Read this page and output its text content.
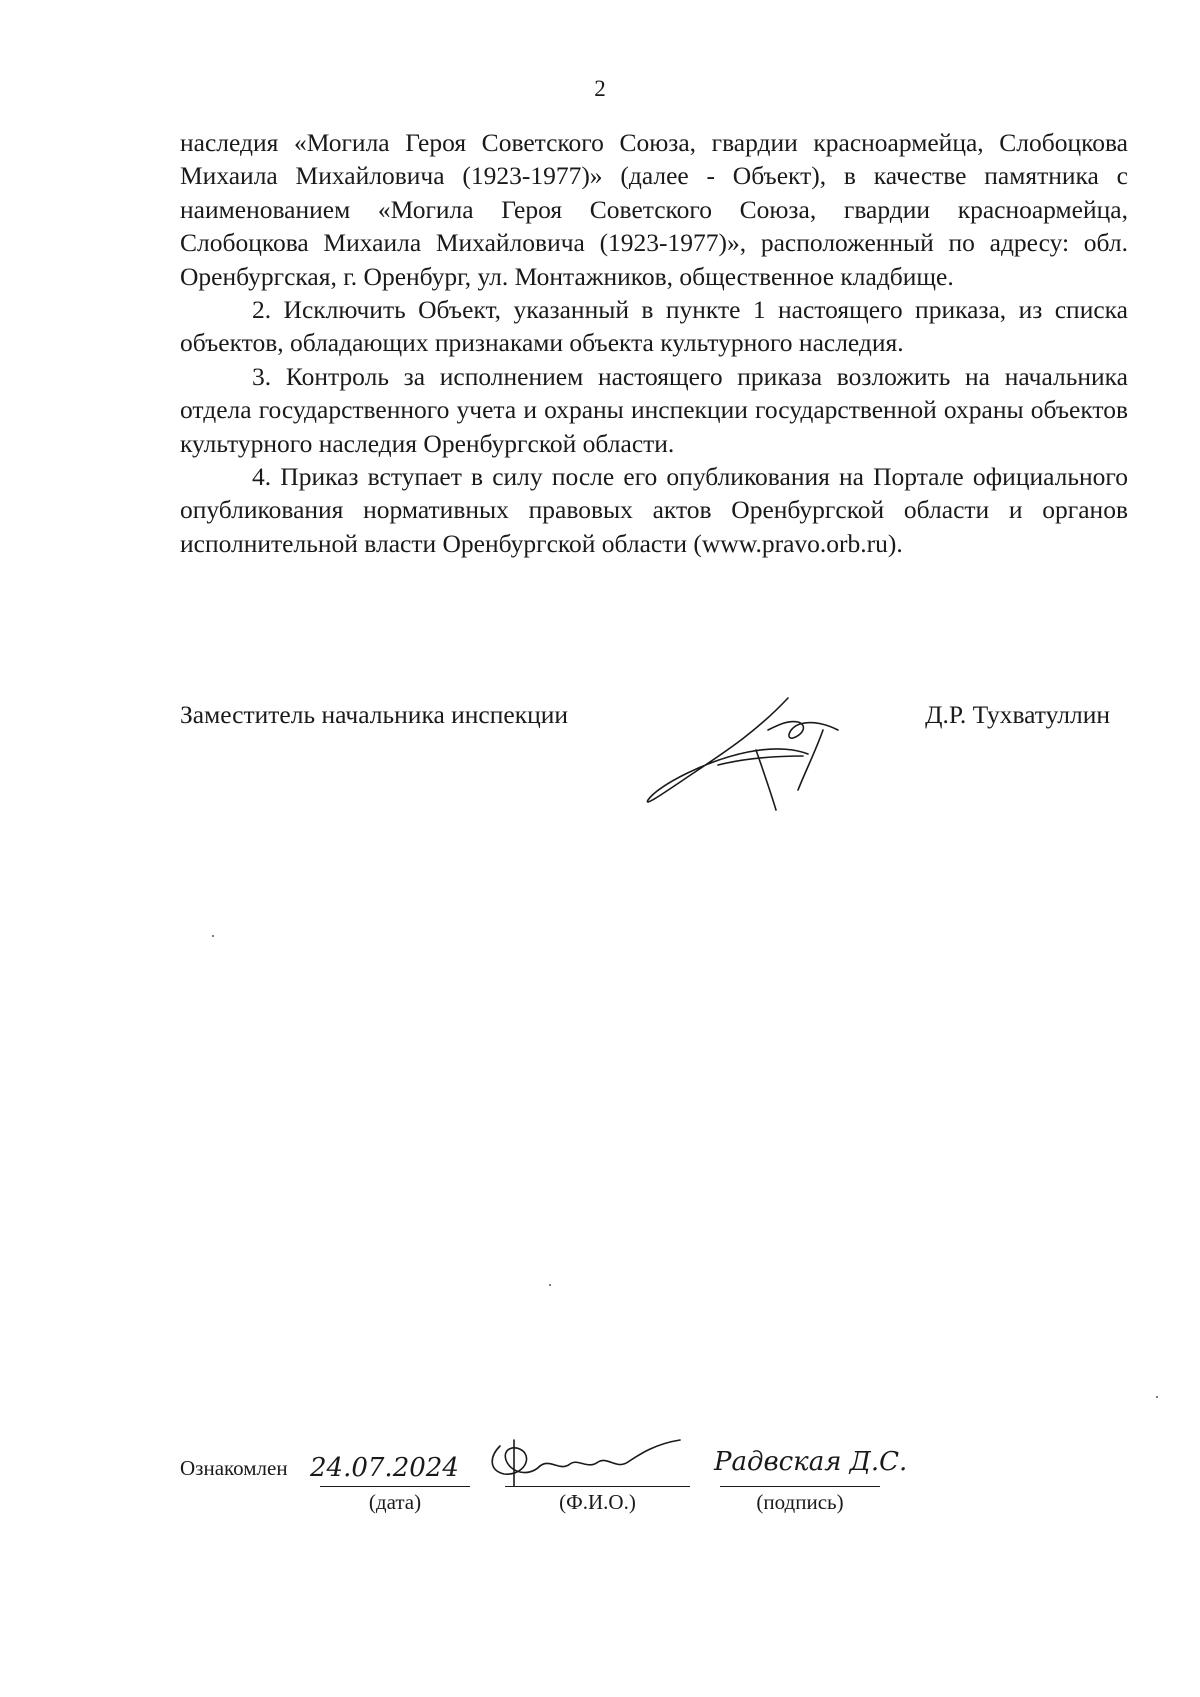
2

наследия «Могила Героя Советского Союза, гвардии красноармейца, Слобоцкова Михаила Михайловича (1923-1977)» (далее - Объект), в качестве памятника с наименованием «Могила Героя Советского Союза, гвардии красноармейца, Слобоцкова Михаила Михайловича (1923-1977)», расположенный по адресу: обл. Оренбургская, г. Оренбург, ул. Монтажников, общественное кладбище.

2. Исключить Объект, указанный в пункте 1 настоящего приказа, из списка объектов, обладающих признаками объекта культурного наследия.

3. Контроль за исполнением настоящего приказа возложить на начальника отдела государственного учета и охраны инспекции государственной охраны объектов культурного наследия Оренбургской области.

4. Приказ вступает в силу после его опубликования на Портале официального опубликования нормативных правовых актов Оренбургской области и органов исполнительной власти Оренбургской области (www.pravo.orb.ru).

Заместитель начальника инспекции	Д.Р. Тухватуллин
Ознакомлен 24.07.2024
(дата)	(Ф.И.О.)
Радвская Д.С.
(подпись)
